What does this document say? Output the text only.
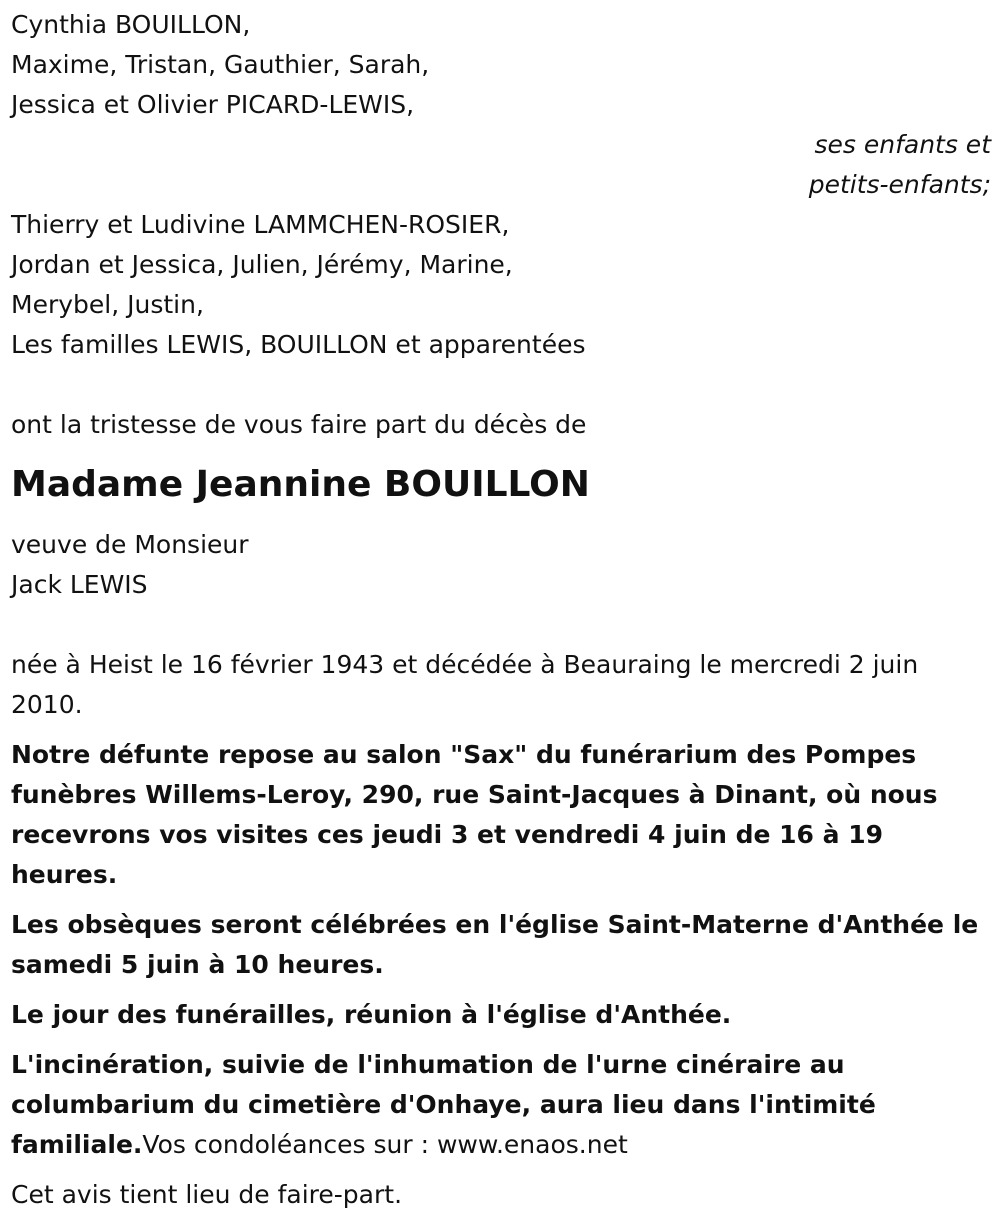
Cynthia BOUILLON,
Maxime, Tristan, Gauthier, Sarah,
Jessica et Olivier PICARD-LEWIS,
ses enfants et
petits-enfants;
Thierry et Ludivine LAMMCHEN-ROSIER,
Jordan et Jessica, Julien, Jérémy, Marine,
Merybel, Justin,
Les familles LEWIS, BOUILLON et apparentées
ont la tristesse de vous faire part du décès de
Madame Jeannine BOUILLON
veuve de Monsieur
Jack LEWIS
née à Heist le 16 février 1943 et décédée à Beauraing le mercredi 2 juin 2010.
Notre défunte repose au salon "Sax" du funérarium des Pompes funèbres Willems-Leroy, 290, rue Saint-Jacques à Dinant, où nous recevrons vos visites ces jeudi 3 et vendredi 4 juin de 16 à 19 heures.
Les obsèques seront célébrées en l'église Saint-Materne d'Anthée le samedi 5 juin à 10 heures.
Le jour des funérailles, réunion à l'église d'Anthée.
L'incinération, suivie de l'inhumation de l'urne cinéraire au columbarium du cimetière d'Onhaye, aura lieu dans l'intimité familiale.Vos condoléances sur : www.enaos.net
Cet avis tient lieu de faire-part.
